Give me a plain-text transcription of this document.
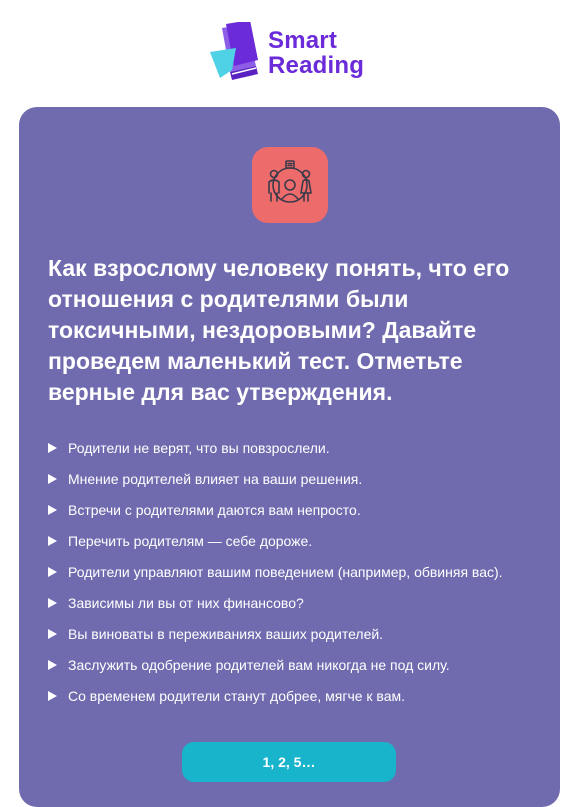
Smart
Reading

Как взрослому человеку понять, что его отношения с родителями были токсичными, нездоровыми? Давайте проведем маленький тест. Отметьте верные для вас утверждения.

Родители не верят, что вы повзрослели.
Мнение родителей влияет на ваши решения.
Встречи с родителями даются вам непросто.
Перечить родителям — себе дороже.
Родители управляют вашим поведением (например, обвиняя вас).
Зависимы ли вы от них финансово?
Вы виноваты в переживаниях ваших родителей.
Заслужить одобрение родителей вам никогда не под силу.
Со временем родители станут добрее, мягче к вам.
1, 2, 5…
